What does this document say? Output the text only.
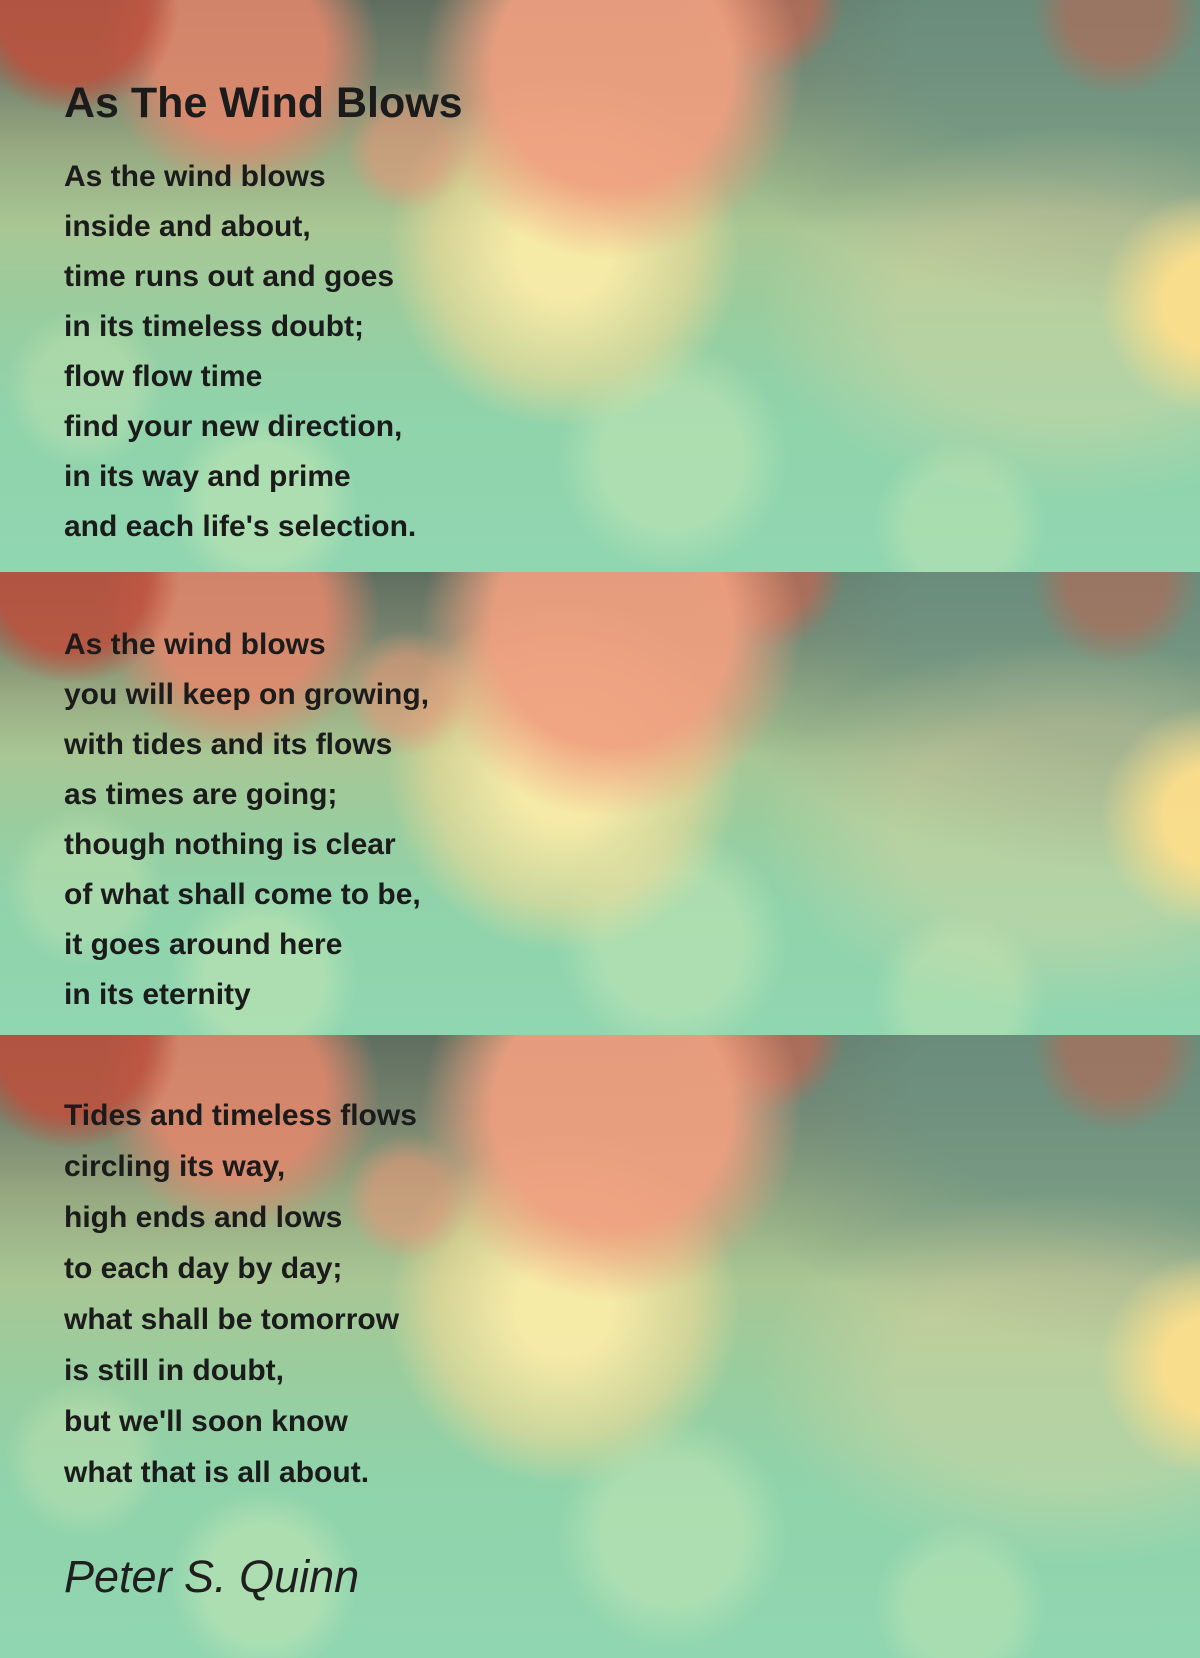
As The Wind Blows
As the wind blows
inside and about,
time runs out and goes
in its timeless doubt;
flow flow time
find your new direction,
in its way and prime
and each life's selection.
As the wind blows
you will keep on growing,
with tides and its flows
as times are going;
though nothing is clear
of what shall come to be,
it goes around here
in its eternity
Tides and timeless flows
circling its way,
high ends and lows
to each day by day;
what shall be tomorrow
is still in doubt,
but we'll soon know
what that is all about.
Peter S. Quinn
